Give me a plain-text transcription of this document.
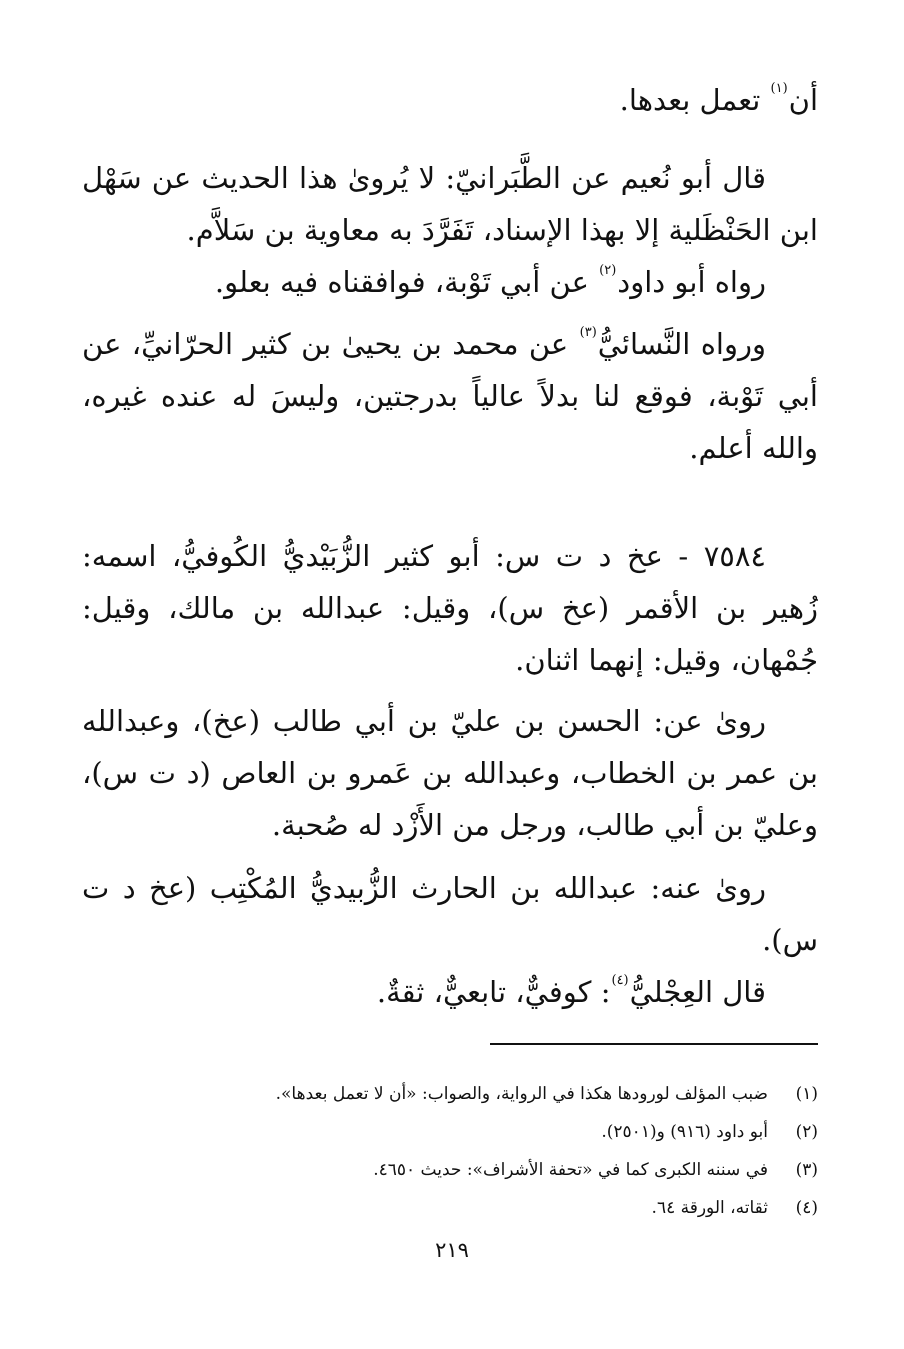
أن$^{(١)}$ تعمل بعدها.

قال أبو نُعيم عن الطَّبَرانيّ: لا يُروىٰ هذا الحديث عن سَهْل ابن الحَنْظَلية إلا بهذا الإسناد، تَفَرَّدَ به معاوية بن سَلاَّم.

رواه أبو داود$^{(٢)}$ عن أبي تَوْبة، فوافقناه فيه بعلو.

ورواه النَّسائيُّ$^{(٣)}$ عن محمد بن يحيىٰ بن كثير الحرّانيِّ، عن أبي تَوْبة، فوقع لنا بدلاً عالياً بدرجتين، وليسَ له عنده غيره، والله أعلم.

٧٥٨٤ - عخ د ت س: أبو كثير الزُّبَيْديُّ الكُوفيُّ، اسمه: زُهير بن الأقمر (عخ س)، وقيل: عبدالله بن مالك، وقيل: جُمْهان، وقيل: إنهما اثنان.

روىٰ عن: الحسن بن عليّ بن أبي طالب (عخ)، وعبدالله بن عمر بن الخطاب، وعبدالله بن عَمرو بن العاص (د ت س)، وعليّ بن أبي طالب، ورجل من الأَزْد له صُحبة.

روىٰ عنه: عبدالله بن الحارث الزُّبيديُّ المُكْتِب (عخ د ت س).

قال العِجْليُّ$^{(٤)}$: كوفيٌّ، تابعيٌّ، ثقةٌ.

(١)
ضبب المؤلف لورودها هكذا في الرواية، والصواب: «أن لا تعمل بعدها».
(٢)
أبو داود (٩١٦) و(٢٥٠١).
(٣)
في سننه الكبرى كما في «تحفة الأشراف»: حديث ٤٦٥٠.
(٤)
ثقاته، الورقة ٦٤.
٢١٩
